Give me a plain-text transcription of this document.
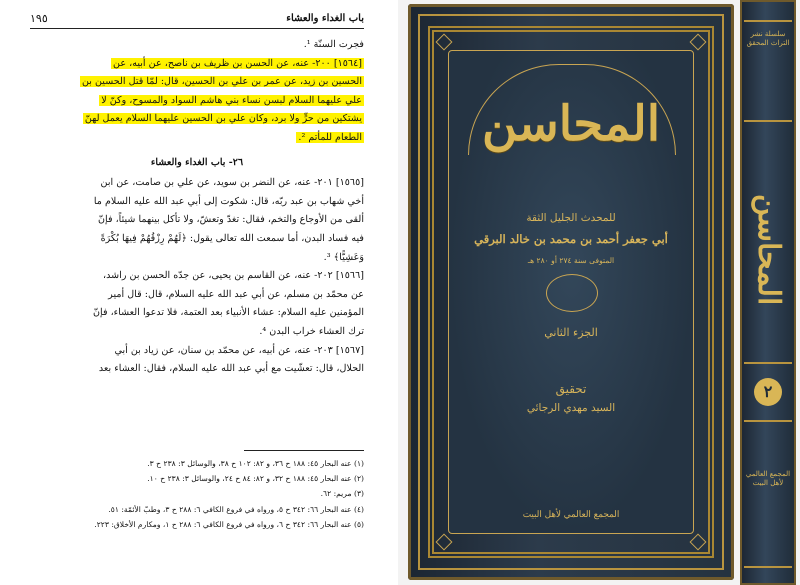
باب الغداء والعشاء
١٩٥

فجرت السنّة ¹.

[١٥٦٤] ٢٠٠- عنه، عن الحسن بن ظريف بن ناصح، عن أبيه، عن
الحسين بن زيد، عن عمر بن علي بن الحسين، قال: لمّا قتل الحسين بن
علي عليهما السلام لبسن نساء بني هاشم السواد والمسوح، وكنّ لا
يشتكين من حرٍّ ولا برد، وكان علي بن الحسين عليهما السلام يعمل لهنّ
الطعام للمأتم ².

٢٦- باب الغداء والعشاء

[١٥٦٥] ٢٠١- عنه، عن النضر بن سويد، عن علي بن صامت، عن ابن
أخي شهاب بن عبد ربّه، قال: شكوت إلى أبي عبد الله عليه السلام ما
ألقى من الأوجاع والتخم، فقال: تغدّ وتعشّ، ولا تأكل بينهما شيئاً، فإنّ
فيه فساد البدن، أما سمعت الله تعالى يقول: ﴿لَهُمْ رِزْقُهُمْ فِيهَا بُكْرَةً
وَعَشِيًّا﴾ ³.

[١٥٦٦] ٢٠٢- عنه، عن القاسم بن يحيى، عن جدّه الحسن بن راشد،
عن محمّد بن مسلم، عن أبي عبد الله عليه السلام، قال: قال أمير
المؤمنين عليه السلام: عشاء الأنبياء بعد العتمة، فلا تدعوا العشاء، فإنّ
ترك العشاء خراب البدن ⁴.

[١٥٦٧] ٢٠٣- عنه، عن أبيه، عن محمّد بن سنان، عن زياد بن أبي
الحلال، قال: تعشّيت مع أبي عبد الله عليه السلام، فقال: العشاء بعد

(١) عنه البحار ٤٥: ١٨٨ ح ٣٦، و ٨٢: ١٠٢ ح ٣٨، والوسائل ٣: ٢٣٨ ح ٣.
(٢) عنه البحار ٤٥: ١٨٨ ح ٣٢، و ٨٢: ٨٤ ح ٢٤، والوسائل ٣: ٢٣٨ ح ١٠.
(٣) مريم: ٦٢.
(٤) عنه البحار ٦٦: ٣٤٢ ح ٥، ورواه في فروع الكافي ٦: ٢٨٨ ح ٣، وطبّ الأئمّة: ٥١.
(٥) عنه البحار ٦٦: ٣٤٢ ح ٦، ورواه في فروع الكافي ٦: ٢٨٨ ح ١، ومكارم الأخلاق: ٢٢٣.
المحاسن
للمحدث الجليل الثقة
أبي جعفر أحمد بن محمد بن خالد البرقي
المتوفى سنة ٢٧٤ أو ٢٨٠ هـ
الجزء الثاني
تحقيق
السيد مهدي الرجائي
المجمع العالمي لأهل البيت
سلسلة نشر التراث المحقق
المحاسن
٢
المجمع العالمي لأهل البيت
